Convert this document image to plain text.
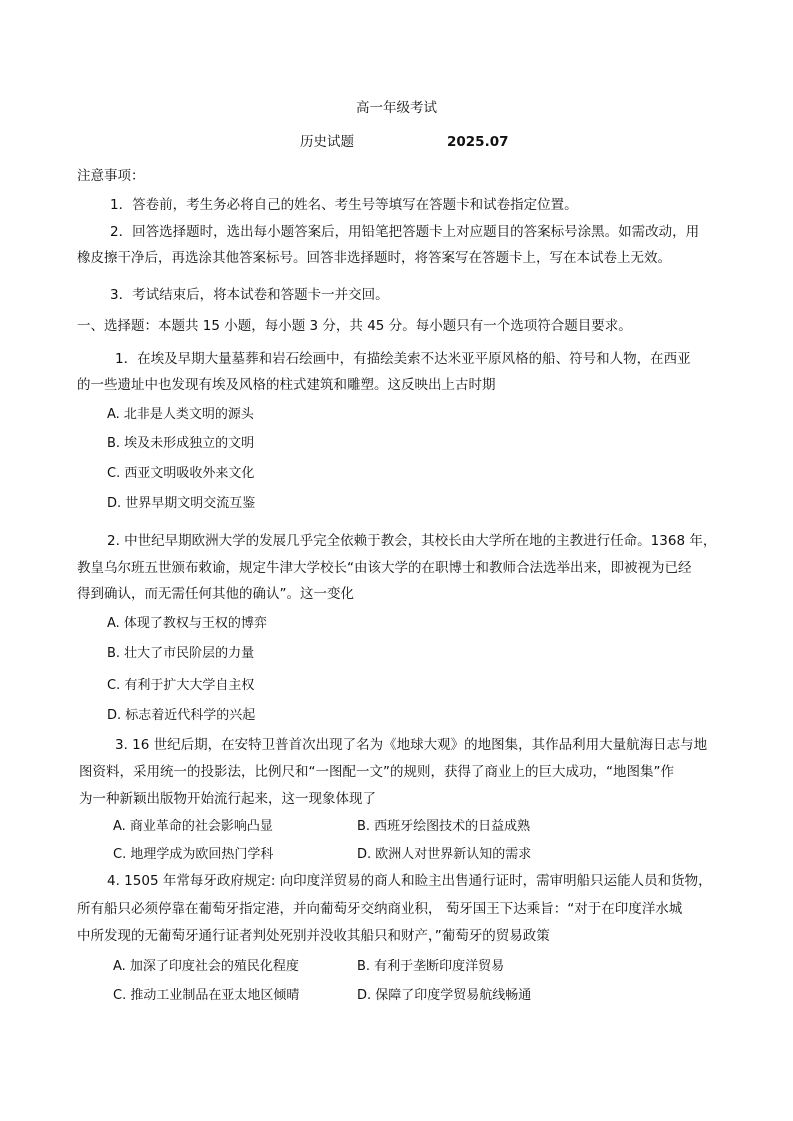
高一年级考试
历史试题	2025.07
注意事项：
1．答卷前，考生务必将自己的姓名、考生号等填写在答题卡和试卷指定位置。
2．回答选择题时，选出每小题答案后，用铅笔把答题卡上对应题目的答案标号涂黑。如需改动，用
橡皮擦干净后，再选涂其他答案标号。回答非选择题时，将答案写在答题卡上，写在本试卷上无效。
3．考试结束后，将本试卷和答题卡一并交回。
一、选择题：本题共 15 小题，每小题 3 分，共 45 分。每小题只有一个选项符合题目要求。
1．在埃及早期大量墓葬和岩石绘画中，有描绘美索不达米亚平原风格的船、符号和人物，在西亚
的一些遗址中也发现有埃及风格的柱式建筑和雕塑。这反映出上古时期
A. 北非是人类文明的源头
B. 埃及未形成独立的文明
C. 西亚文明吸收外来文化
D. 世界早期文明交流互鉴
2. 中世纪早期欧洲大学的发展几乎完全依赖于教会，其校长由大学所在地的主教进行任命。1368 年，
教皇乌尔班五世颁布敕谕，规定牛津大学校长“由该大学的在职博士和教师合法选举出来，即被视为已经
得到确认，而无需任何其他的确认”。这一变化
A. 体现了教权与王权的博弈
B. 壮大了市民阶层的力量
C. 有利于扩大大学自主权
D. 标志着近代科学的兴起
3. 16 世纪后期，在安特卫普首次出现了名为《地球大观》的地图集，其作品利用大量航海日志与地
图资料，采用统一的投影法，比例尺和“一图配一文”的规则，获得了商业上的巨大成功，“地图集”作
为一种新颖出版物开始流行起来，这一现象体现了
A. 商业革命的社会影响凸显	B. 西班牙绘图技术的日益成熟
C. 地理学成为欧回热门学科	D. 欧洲人对世界新认知的需求
4. 1505 年常每牙政府规定: 向印度洋贸易的商人和睑主出售通行证时，需审明船只运能人员和货物，
所有船只必须停靠在葡萄牙指定港，并向葡萄牙交纳商业积， 萄牙国王下达乘旨：“对于在印度洋水城
中所发现的无葡萄牙通行证者判处死别并没收其船只和财产，”葡萄牙的贸易政策
A. 加深了印度社会的殖民化程度	B. 有利于垄断印度洋贸易
C. 推动工业制品在亚太地区倾晴	D. 保障了印度学贸易航线畅通
